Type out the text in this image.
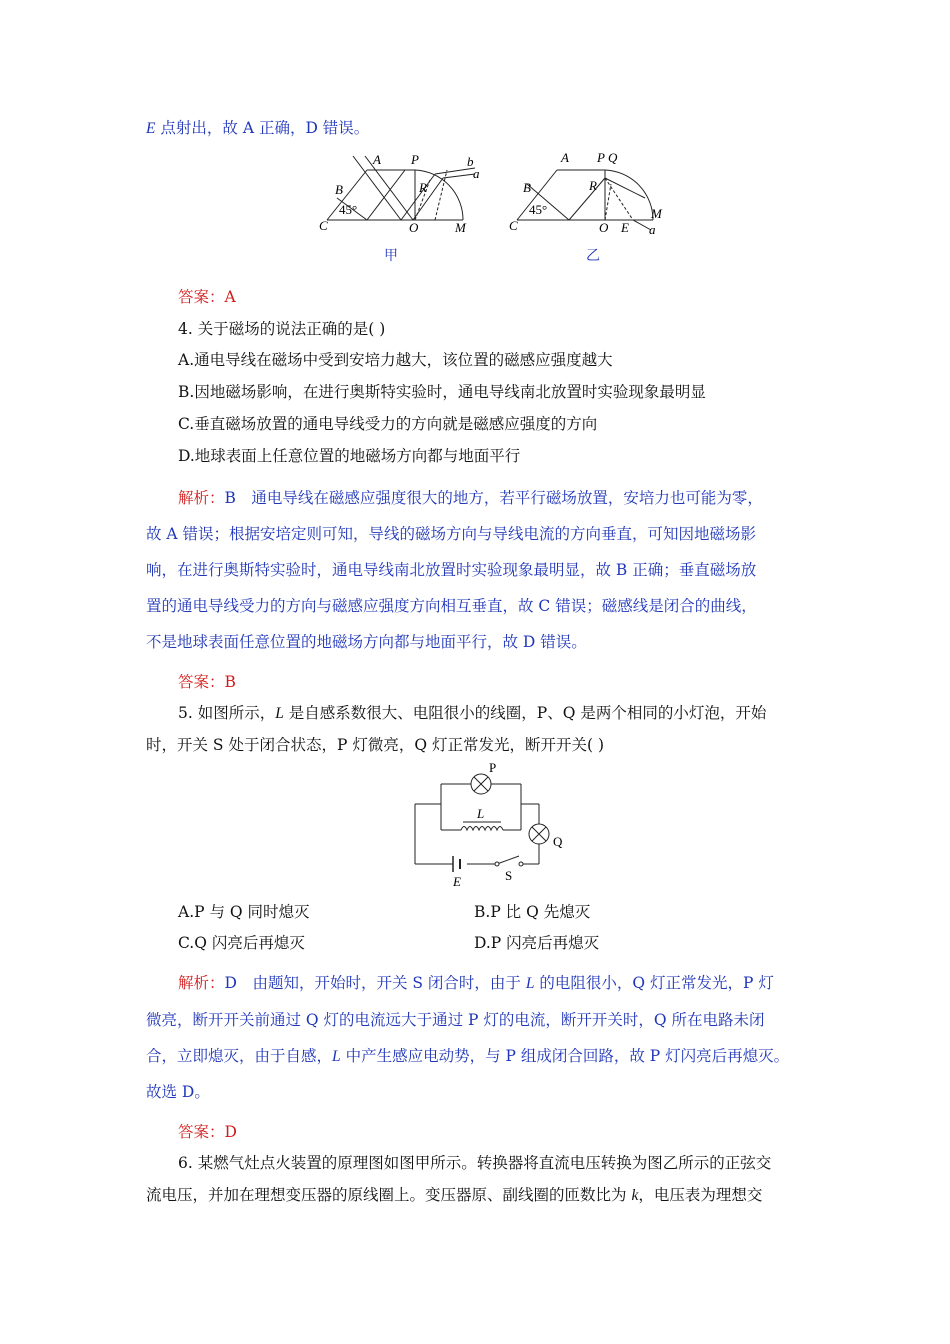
E 点射出，故 A 正确，D 错误。
A P
B	R
C	O	M
a
b
45°
甲
A P Q
B	R
C	O E
M
a
45°
乙
答案：A
4. 关于磁场的说法正确的是( )
A.通电导线在磁场中受到安培力越大，该位置的磁感应强度越大
B.因地磁场影响，在进行奥斯特实验时，通电导线南北放置时实验现象最明显
C.垂直磁场放置的通电导线受力的方向就是磁感应强度的方向
D.地球表面上任意位置的地磁场方向都与地面平行
解析：B　通电导线在磁感应强度很大的地方，若平行磁场放置，安培力也可能为零，
故 A 错误；根据安培定则可知，导线的磁场方向与导线电流的方向垂直，可知因地磁场影
响，在进行奥斯特实验时，通电导线南北放置时实验现象最明显，故 B 正确；垂直磁场放
置的通电导线受力的方向与磁感应强度方向相互垂直，故 C 错误；磁感线是闭合的曲线，
不是地球表面任意位置的地磁场方向都与地面平行，故 D 错误。
答案：B
5. 如图所示，L 是自感系数很大、电阻很小的线圈，P、Q 是两个相同的小灯泡，开始
时，开关 S 处于闭合状态，P 灯微亮，Q 灯正常发光，断开开关( )
P
L
Q
E	S
A.P 与 Q 同时熄灭	B.P 比 Q 先熄灭
C.Q 闪亮后再熄灭	D.P 闪亮后再熄灭
解析：D　由题知，开始时，开关 S 闭合时，由于 L 的电阻很小，Q 灯正常发光，P 灯
微亮，断开开关前通过 Q 灯的电流远大于通过 P 灯的电流，断开开关时，Q 所在电路未闭
合，立即熄灭，由于自感，L 中产生感应电动势，与 P 组成闭合回路，故 P 灯闪亮后再熄灭。
故选 D。
答案：D
6. 某燃气灶点火装置的原理图如图甲所示。转换器将直流电压转换为图乙所示的正弦交
流电压，并加在理想变压器的原线圈上。变压器原、副线圈的匝数比为 k，电压表为理想交
